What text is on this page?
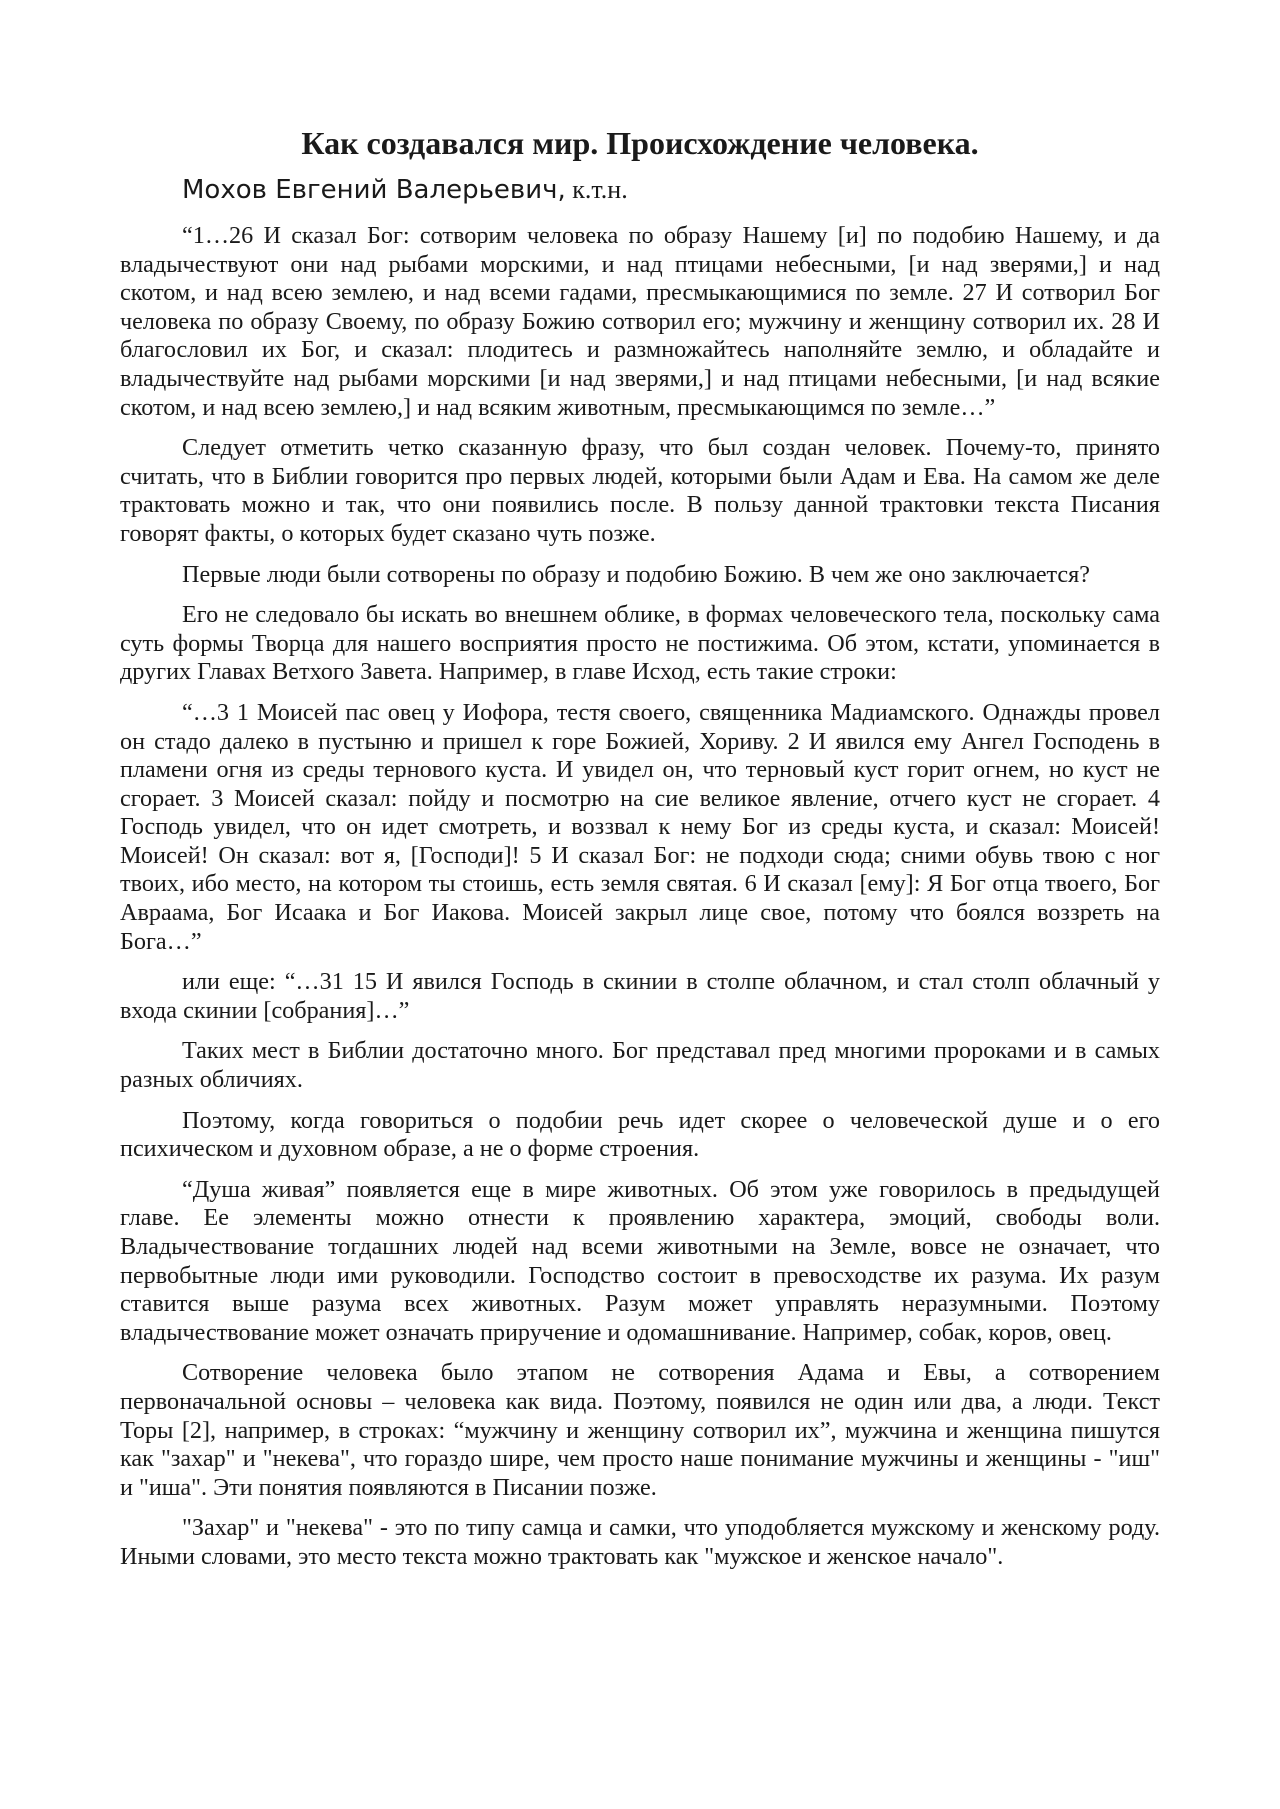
Как создавался мир. Происхождение человека.

Мохов Евгений Валерьевич, к.т.н.

“1…26 И сказал Бог: сотворим человека по образу Нашему [и] по подобию Нашему, и да владычествуют они над рыбами морскими, и над птицами небесными, [и над зверями,] и над скотом, и над всею землею, и над всеми гадами, пресмыкающимися по земле. 27 И сотворил Бог человека по образу Своему, по образу Божию сотворил его; мужчину и женщину сотворил их. 28 И благословил их Бог, и сказал: плодитесь и размножайтесь наполняйте землю, и обладайте и владычествуйте над рыбами морскими [и над зверями,] и над птицами небесными, [и над всякие скотом, и над всею землею,] и над всяким животным, пресмыкающимся по земле…”

Следует отметить четко сказанную фразу, что был создан человек. Почему-то, принято считать, что в Библии говорится про первых людей, которыми были Адам и Ева. На самом же деле трактовать можно и так, что они появились после. В пользу данной трактовки текста Писания говорят факты, о которых будет сказано чуть позже.

Первые люди были сотворены по образу и подобию Божию. В чем же оно заключается?

Его не следовало бы искать во внешнем облике, в формах человеческого тела, поскольку сама суть формы Творца для нашего восприятия просто не постижима. Об этом, кстати, упоминается в других Главах Ветхого Завета. Например, в главе Исход, есть такие строки:

“…3 1 Моисей пас овец у Иофора, тестя своего, священника Мадиамского. Однажды провел он стадо далеко в пустыню и пришел к горе Божией, Хориву. 2 И явился ему Ангел Господень в пламени огня из среды тернового куста. И увидел он, что терновый куст горит огнем, но куст не сгорает. 3 Моисей сказал: пойду и посмотрю на сие великое явление, отчего куст не сгорает. 4 Господь увидел, что он идет смотреть, и воззвал к нему Бог из среды куста, и сказал: Моисей! Моисей! Он сказал: вот я, [Господи]! 5 И сказал Бог: не подходи сюда; сними обувь твою с ног твоих, ибо место, на котором ты стоишь, есть земля святая. 6 И сказал [ему]: Я Бог отца твоего, Бог Авраама, Бог Исаака и Бог Иакова. Моисей закрыл лице свое, потому что боялся воззреть на Бога…”

или еще: “…31 15 И явился Господь в скинии в столпе облачном, и стал столп облачный у входа скинии [собрания]…”

Таких мест в Библии достаточно много. Бог представал пред многими пророками и в самых разных обличиях.

Поэтому, когда говориться о подобии речь идет скорее о человеческой душе и о его психическом и духовном образе, а не о форме строения.

“Душа живая” появляется еще в мире животных. Об этом уже говорилось в предыдущей главе. Ее элементы можно отнести к проявлению характера, эмоций, свободы воли. Владычествование тогдашних людей над всеми животными на Земле, вовсе не означает, что первобытные люди ими руководили. Господство состоит в превосходстве их разума. Их разум ставится выше разума всех животных. Разум может управлять неразумными. Поэтому владычествование может означать приручение и одомашнивание. Например, собак, коров, овец.

Сотворение человека было этапом не сотворения Адама и Евы, а сотворением первоначальной основы – человека как вида. Поэтому, появился не один или два, а люди. Текст Торы [2], например, в строках: “мужчину и женщину сотворил их”, мужчина и женщина пишутся как "захар" и "некева", что гораздо шире, чем просто наше понимание мужчины и женщины - "иш" и "иша". Эти понятия появляются в Писании позже.

"Захар" и "некева" - это по типу самца и самки, что уподобляется мужскому и женскому роду. Иными словами, это место текста можно трактовать как "мужское и женское начало".
